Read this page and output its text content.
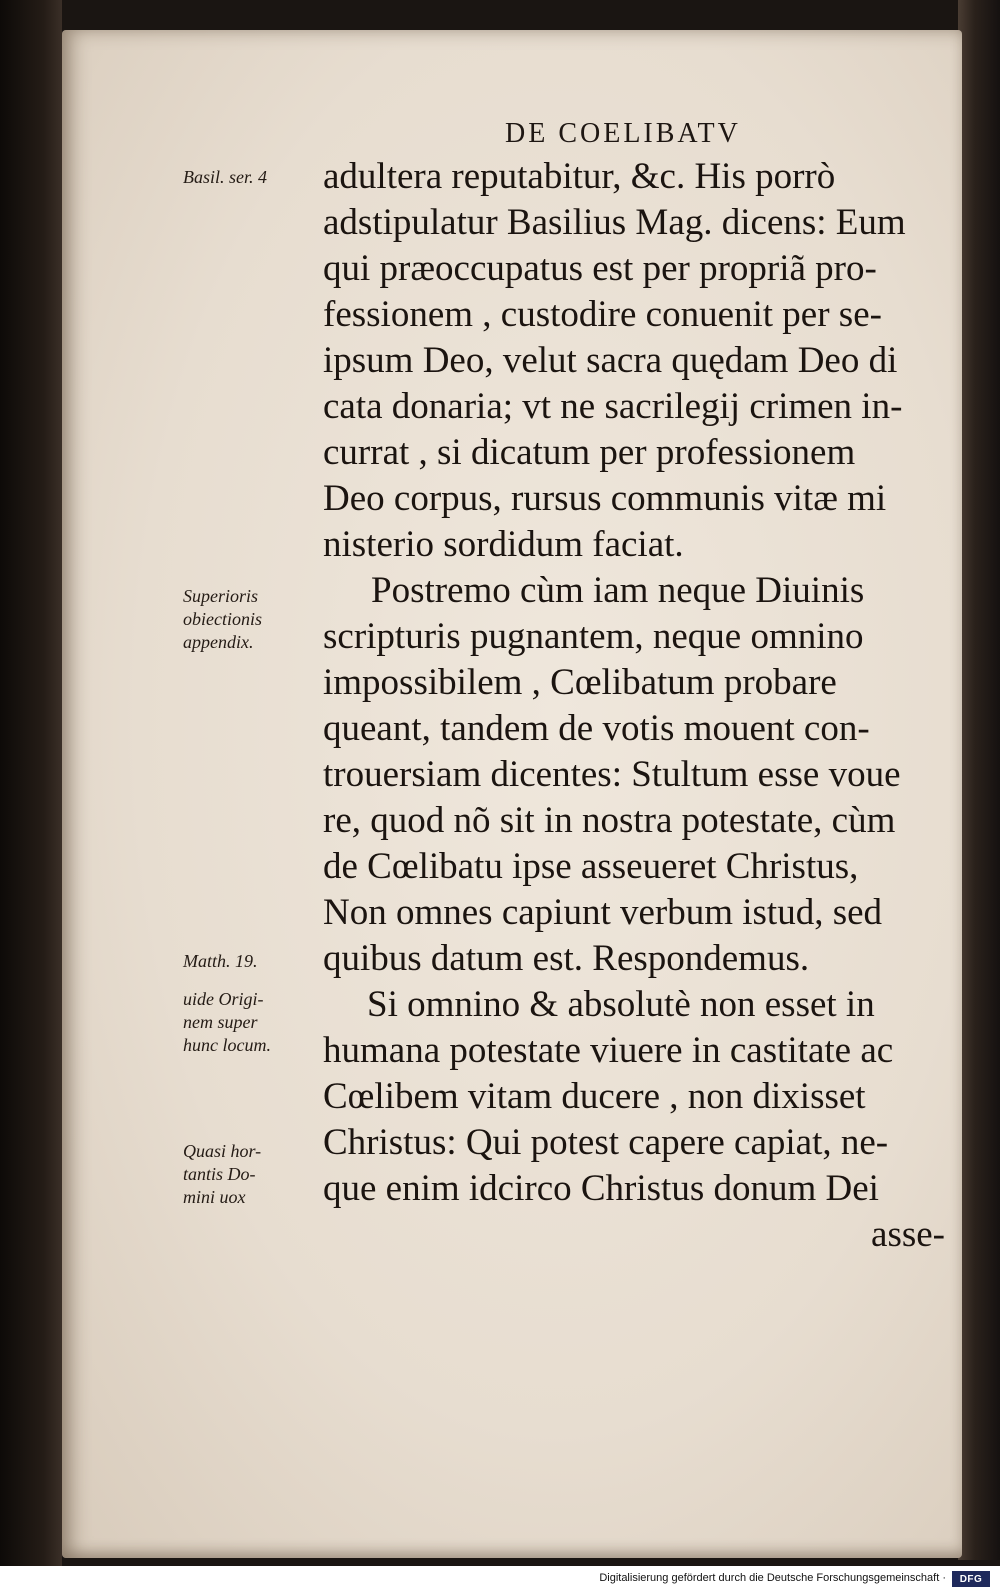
DE COELIBATV
adultera reputabitur, &c. His porrò
adstipulatur Basilius Mag. dicens: Eum
qui præoccupatus est per propriã pro-
fessionem , custodire conuenit per se-
ipsum Deo, velut sacra quędam Deo di
cata donaria; vt ne sacrilegij crimen in-
currat , si dicatum per professionem
Deo corpus, rursus communis vitæ mi
nisterio sordidum faciat.
Postremo cùm iam neque Diuinis
scripturis pugnantem, neque omnino
impossibilem , Cœlibatum probare
queant, tandem de votis mouent con-
trouersiam dicentes: Stultum esse voue
re, quod nõ sit in nostra potestate, cùm
de Cœlibatu ipse asseueret Christus,
Non omnes capiunt verbum istud, sed
quibus datum est. Respondemus.
Si omnino & absolutè non esset in
humana potestate viuere in castitate ac
Cœlibem vitam ducere , non dixisset
Christus: Qui potest capere capiat, ne-
que enim idcirco Christus donum Dei
asse-
Basil. ser. 4
Superioris
obiectionis
appendix.
Matth. 19.
uide Origi-
nem super
hunc locum.
Quasi hor-
tantis Do-
mini uox
Digitalisierung gefördert durch die Deutsche Forschungsgemeinschaft ·	DFG
